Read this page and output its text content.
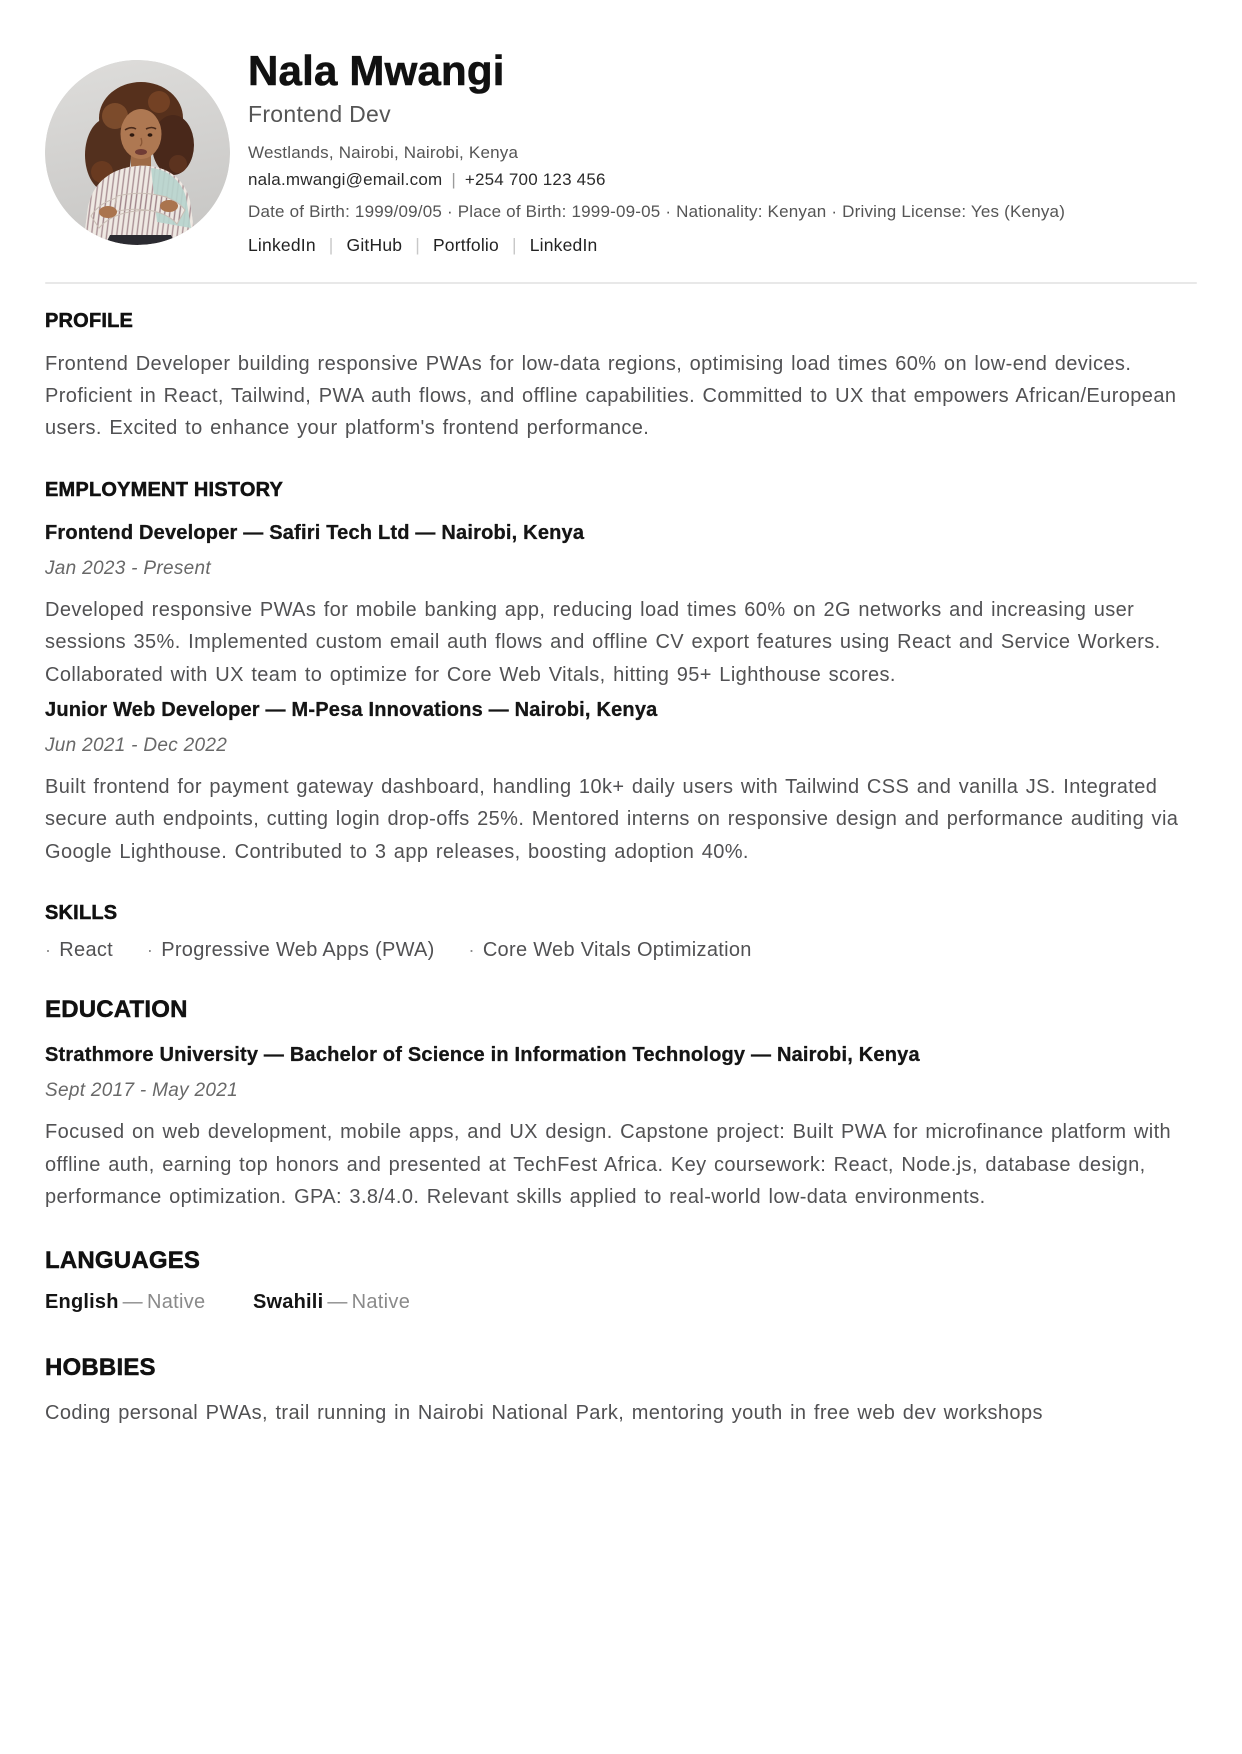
Nala Mwangi
Frontend Dev
Westlands, Nairobi, Nairobi, Kenya
nala.mwangi@email.com | +254 700 123 456
Date of Birth: 1999/09/05 · Place of Birth: 1999-09-05 · Nationality: Kenyan · Driving License: Yes (Kenya)
LinkedIn | GitHub | Portfolio | LinkedIn
PROFILE

Frontend Developer building responsive PWAs for low-data regions, optimising load times 60% on low-end devices. Proficient in React, Tailwind, PWA auth flows, and offline capabilities. Committed to UX that empowers African/European users. Excited to enhance your platform's frontend performance.

EMPLOYMENT HISTORY
Frontend Developer — Safiri Tech Ltd — Nairobi, Kenya
Jan 2023 - Present

Developed responsive PWAs for mobile banking app, reducing load times 60% on 2G networks and increasing user sessions 35%. Implemented custom email auth flows and offline CV export features using React and Service Workers. Collaborated with UX team to optimize for Core Web Vitals, hitting 95+ Lighthouse scores.

Junior Web Developer — M-Pesa Innovations — Nairobi, Kenya
Jun 2021 - Dec 2022

Built frontend for payment gateway dashboard, handling 10k+ daily users with Tailwind CSS and vanilla JS. Integrated secure auth endpoints, cutting login drop-offs 25%. Mentored interns on responsive design and performance auditing via Google Lighthouse. Contributed to 3 app releases, boosting adoption 40%.

SKILLS
· React · Progressive Web Apps (PWA) · Core Web Vitals Optimization
EDUCATION
Strathmore University — Bachelor of Science in Information Technology — Nairobi, Kenya
Sept 2017 - May 2021

Focused on web development, mobile apps, and UX design. Capstone project: Built PWA for microfinance platform with offline auth, earning top honors and presented at TechFest Africa. Key coursework: React, Node.js, database design, performance optimization. GPA: 3.8/4.0. Relevant skills applied to real-world low-data environments.

LANGUAGES
English — Native Swahili — Native
HOBBIES

Coding personal PWAs, trail running in Nairobi National Park, mentoring youth in free web dev workshops
